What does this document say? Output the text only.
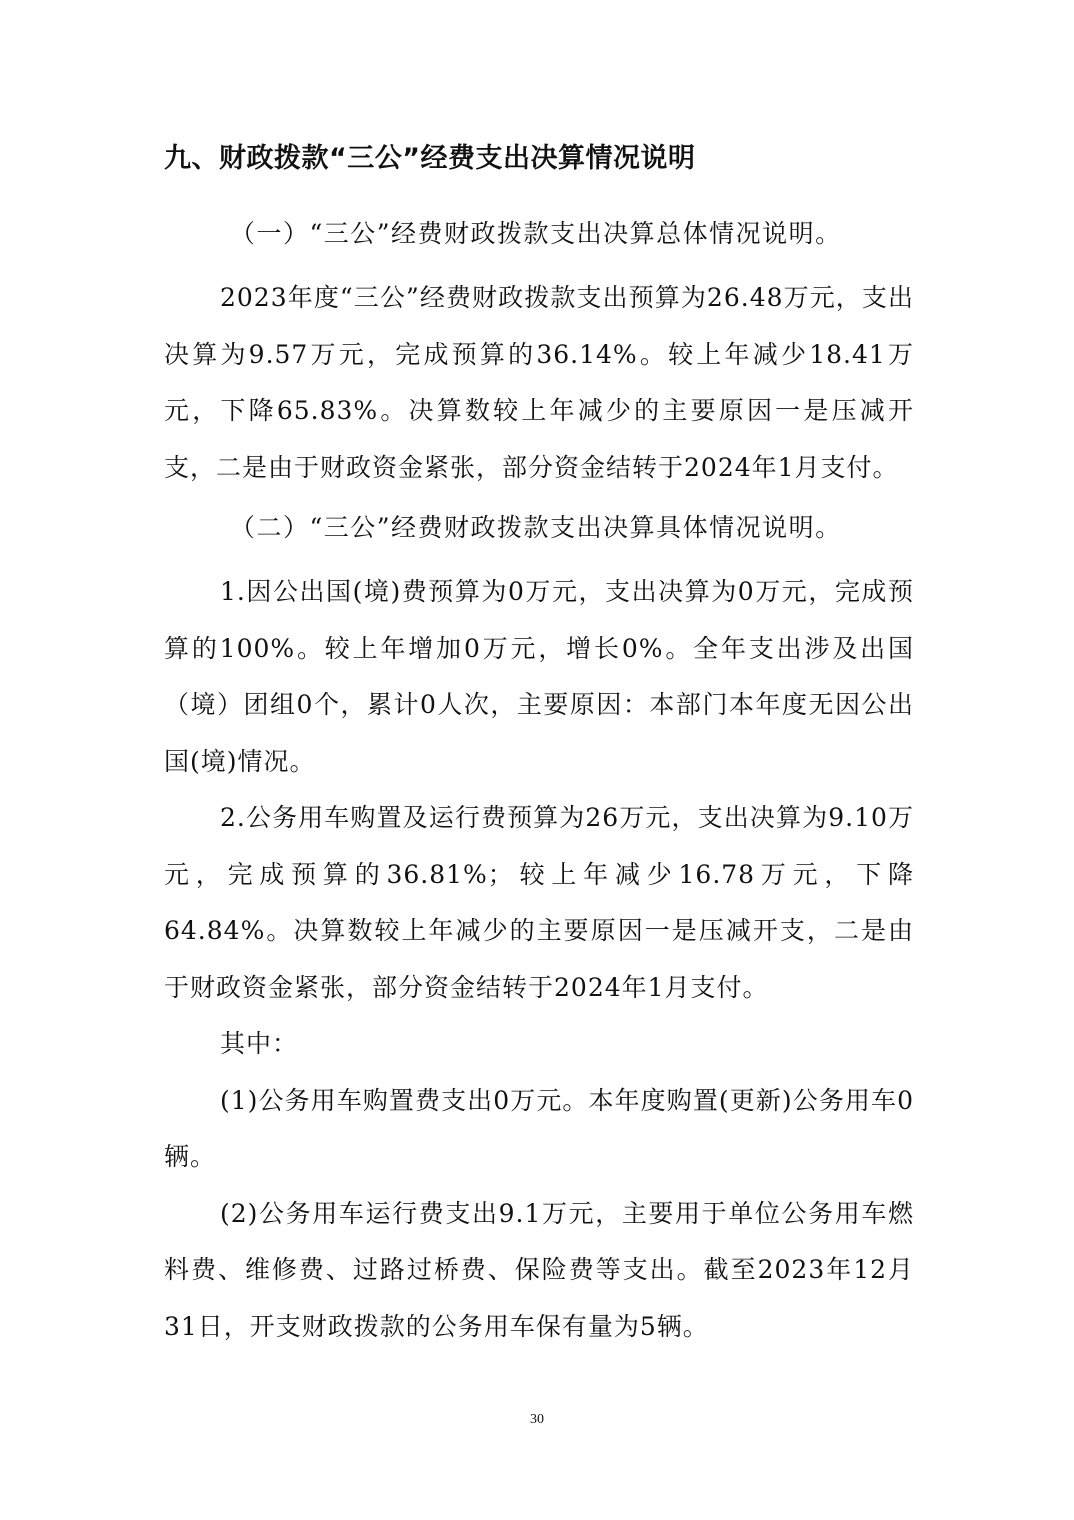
九、财政拨款“三公”经费支出决算情况说明

（一）“三公”经费财政拨款支出决算总体情况说明。

2023年度“三公”经费财政拨款支出预算为26.48万元，支出决算为9.57万元，完成预算的36.14%。较上年减少18.41万元，下降65.83%。决算数较上年减少的主要原因一是压减开支，二是由于财政资金紧张，部分资金结转于2024年1月支付。

（二）“三公”经费财政拨款支出决算具体情况说明。

1.因公出国(境)费预算为0万元，支出决算为0万元，完成预算的100%。较上年增加0万元，增长0%。全年支出涉及出国（境）团组0个，累计0人次，主要原因：本部门本年度无因公出国(境)情况。

2.公务用车购置及运行费预算为26万元，支出决算为9.10万元，完成预算的36.81%；较上年减少16.78万元，下降64.84%。决算数较上年减少的主要原因一是压减开支，二是由于财政资金紧张，部分资金结转于2024年1月支付。

其中：

(1)公务用车购置费支出0万元。本年度购置(更新)公务用车0辆。

(2)公务用车运行费支出9.1万元，主要用于单位公务用车燃料费、维修费、过路过桥费、保险费等支出。截至2023年12月31日，开支财政拨款的公务用车保有量为5辆。

30
